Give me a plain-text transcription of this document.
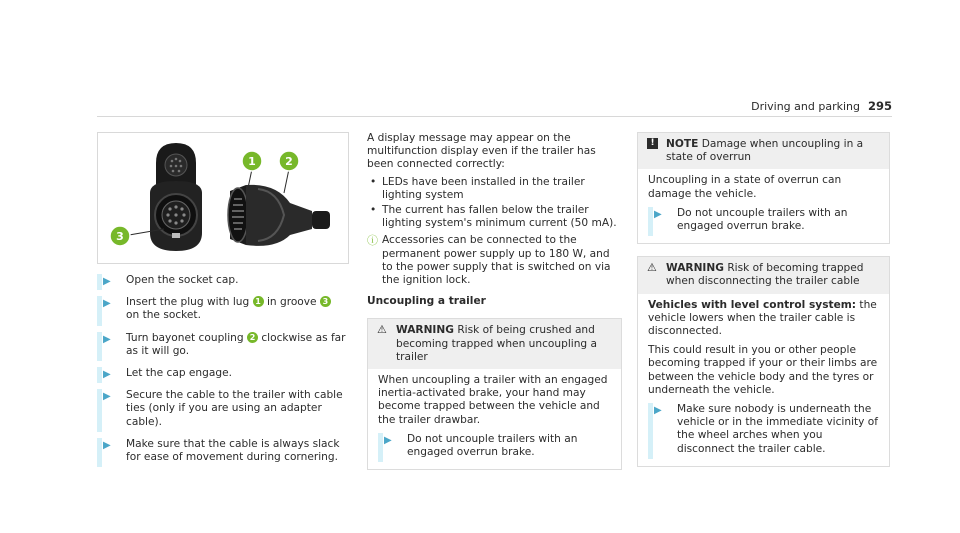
Driving and parking 295
1	2
3
▶ Open the socket cap.
▶ Insert the plug with lug 1 in groove 3 on the socket.
▶ Turn bayonet coupling 2 clockwise as far as it will go.
▶ Let the cap engage.
▶ Secure the cable to the trailer with cable ties (only if you are using an adapter cable).
▶ Make sure that the cable is always slack for ease of movement during cornering.
A display message may appear on the multifunction display even if the trailer has been connected correctly:
• LEDs have been installed in the trailer lighting system
• The current has fallen below the trailer lighting system's minimum current (50 mA).
ⓘ Accessories can be connected to the permanent power supply up to 180 W, and to the power supply that is switched on via the ignition lock.
Uncoupling a trailer
⚠ WARNING Risk of being crushed and becoming trapped when uncoupling a trailer

When uncoupling a trailer with an engaged inertia-activated brake, your hand may become trapped between the vehicle and the trailer drawbar.

▶ Do not uncouple trailers with an engaged overrun brake.
!	NOTE Damage when uncoupling in a state of overrun

Uncoupling in a state of overrun can damage the vehicle.

▶ Do not uncouple trailers with an engaged overrun brake.
⚠ WARNING Risk of becoming trapped when disconnecting the trailer cable

Vehicles with level control system: the vehicle lowers when the trailer cable is disconnected.

This could result in you or other people becoming trapped if your or their limbs are between the vehicle body and the tyres or underneath the vehicle.

▶ Make sure nobody is underneath the vehicle or in the immediate vicinity of the wheel arches when you disconnect the trailer cable.
